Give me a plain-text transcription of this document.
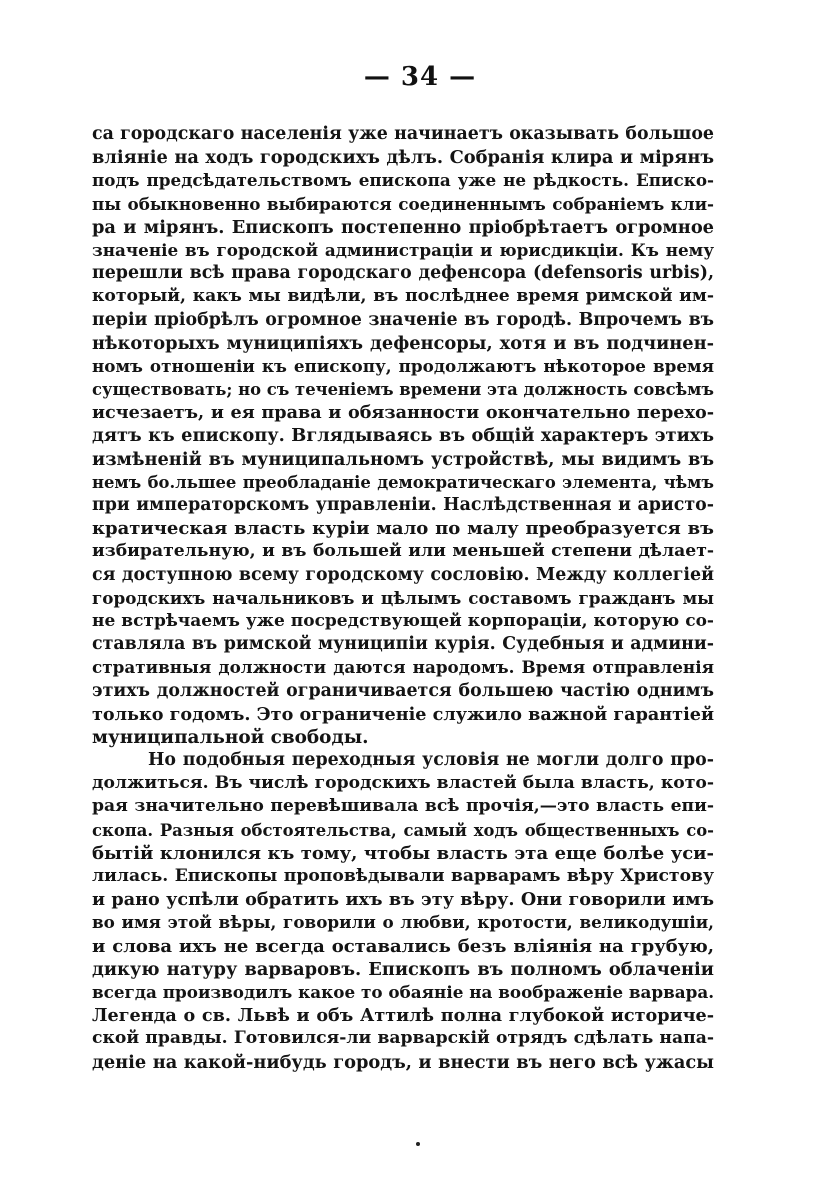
— 34 —
са городскаго населенія уже начинаетъ оказывать большое
вліяніе на ходъ городскихъ дѣлъ. Собранія клира и мірянъ
подъ предсѣдательствомъ епископа уже не рѣдкость. Еписко-
пы обыкновенно выбираются соединеннымъ собраніемъ кли-
ра и мірянъ. Епископъ постепенно пріобрѣтаетъ огромное
значеніе въ городской администраціи и юрисдикціи. Къ нему
перешли всѣ права городскаго дефенсора (defensoris urbis),
который, какъ мы видѣли, въ послѣднее время римской им-
періи пріобрѣлъ огромное значеніе въ городѣ. Впрочемъ въ
нѣкоторыхъ муниципіяхъ дефенсоры, хотя и въ подчинен-
номъ отношеніи къ епископу, продолжаютъ нѣкоторое время
существовать; но съ теченіемъ времени эта должность совсѣмъ
исчезаетъ, и ея права и обязанности окончательно перехо-
дятъ къ епископу. Вглядываясь въ общій характеръ этихъ
измѣненій въ муниципальномъ устройствѣ, мы видимъ въ
немъ бо.льшее преобладаніе демократическаго элемента, чѣмъ
при императорскомъ управленіи. Наслѣдственная и аристо-
кратическая власть куріи мало по малу преобразуется въ
избирательную, и въ большей или меньшей степени дѣлает-
ся доступною всему городскому сословію. Между коллегіей
городскихъ начальниковъ и цѣлымъ составомъ гражданъ мы
не встрѣчаемъ уже посредствующей корпораціи, которую со-
ставляла въ римской муниципіи курія. Судебныя и админи-
стративныя должности даются народомъ. Время отправленія
этихъ должностей ограничивается большею частію однимъ
только годомъ. Это ограниченіе служило важной гарантіей
муниципальной свободы.
Но подобныя переходныя условія не могли долго про-
должиться. Въ числѣ городскихъ властей была власть, кото-
рая значительно перевѣшивала всѣ прочія,—это власть епи-
скопа. Разныя обстоятельства, самый ходъ общественныхъ со-
бытій клонился къ тому, чтобы власть эта еще болѣе уси-
лилась. Епископы проповѣдывали варварамъ вѣру Христову
и рано успѣли обратить ихъ въ эту вѣру. Они говорили имъ
во имя этой вѣры, говорили о любви, кротости, великодушіи,
и слова ихъ не всегда оставались безъ вліянія на грубую,
дикую натуру варваровъ. Епископъ въ полномъ облаченіи
всегда производилъ какое то обаяніе на воображеніе варвара.
Легенда о св. Львѣ и объ Аттилѣ полна глубокой историче-
ской правды. Готовился-ли варварскій отрядъ сдѣлать напа-
деніе на какой-нибудь городъ, и внести въ него всѣ ужасы
